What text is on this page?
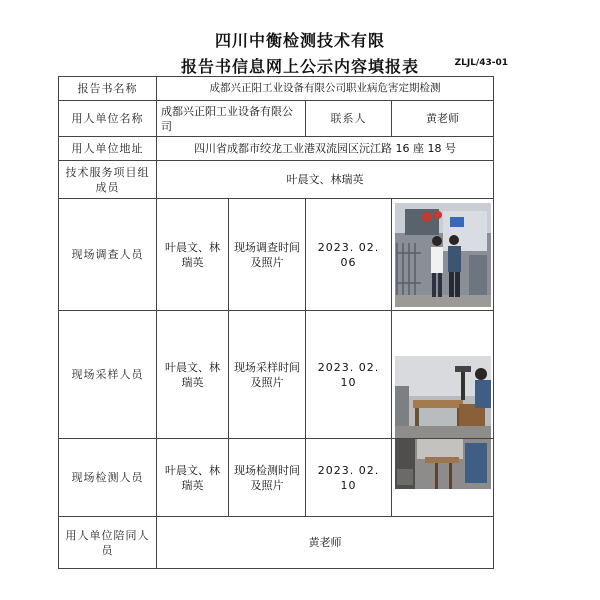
四川中衡检测技术有限
报告书信息网上公示内容填报表	ZLJL/43-01
报告书名称	成都兴正阳工业设备有限公司职业病危害定期检测			
用人单位名称	成都兴正阳工业设备有限公司		联系人	黄老师
用人单位地址	四川省成都市绞龙工业港双流园区沅江路 16 座 18 号			
技术服务项目组成员	叶晨文、林瑞英			
现场调查人员	叶晨文、林瑞英	现场调查时间及照片	2023. 02. 06	

现场采样人员	叶晨文、林瑞英	现场采样时间及照片	2023. 02. 10	

现场检测人员	叶晨文、林瑞英	现场检测时间及照片	2023. 02. 10	

用人单位陪同人员	黄老师			
